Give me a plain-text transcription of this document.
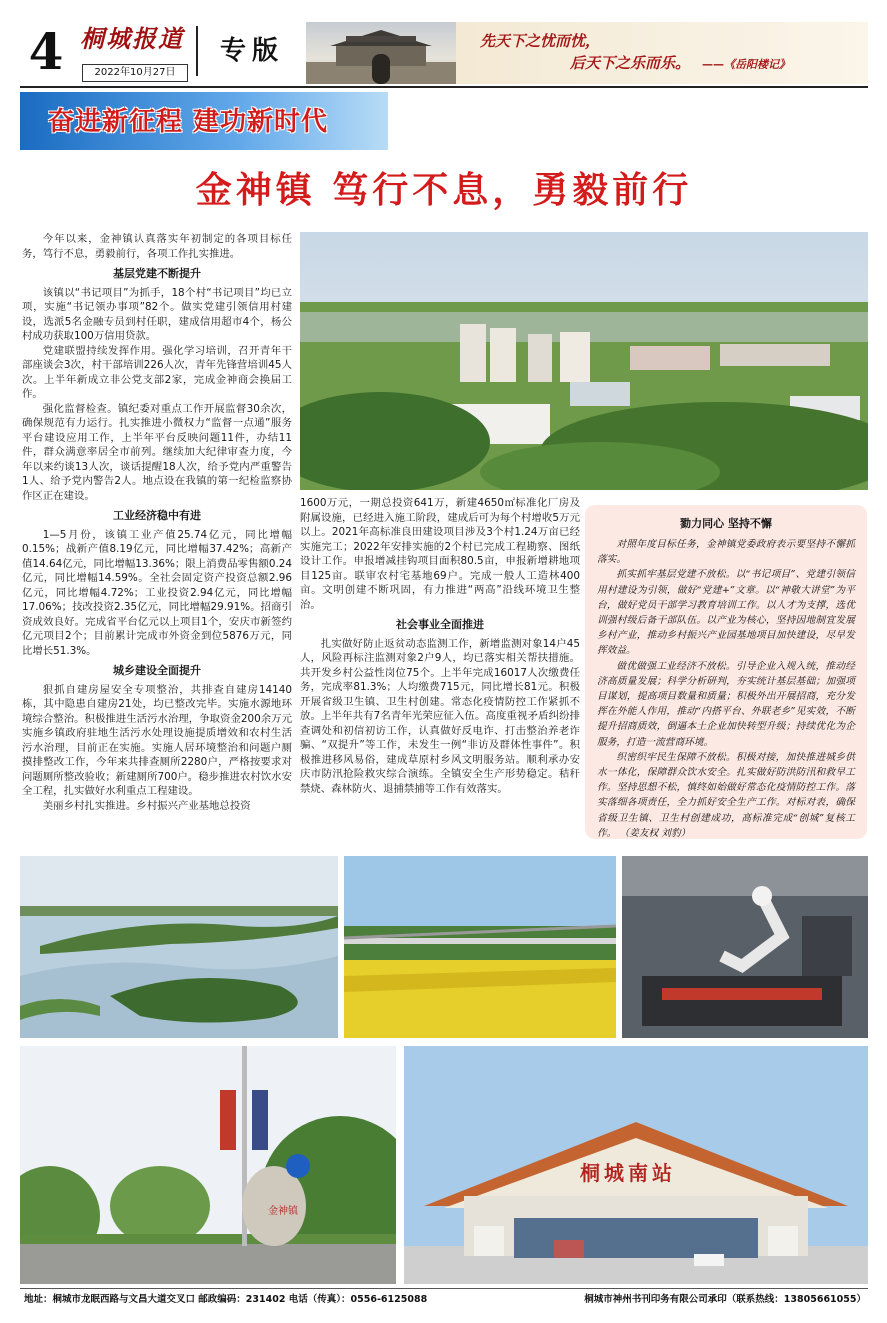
4 桐城报道
2022年10月27日
专版	先天下之忧而忧，
后天下之乐而乐。 ——《岳阳楼记》
奋进新征程 建功新时代
金神镇 笃行不息，勇毅前行

今年以来，金神镇认真落实年初制定的各项目标任务，笃行不息，勇毅前行，各项工作扎实推进。

基层党建不断提升

该镇以“书记项目”为抓手，18个村“书记项目”均已立项，实施“书记领办事项”82个。做实党建引领信用村建设，选派5名金融专员到村任职，建成信用超市4个，杨公村成功获取100万信用贷款。

党建联盟持续发挥作用。强化学习培训，召开青年干部座谈会3次，村干部培训226人次，青年先锋营培训45人次。上半年新成立非公党支部2家，完成金神商会换届工作。

强化监督检查。镇纪委对重点工作开展监督30余次，确保规范有力运行。扎实推进小微权力“监督一点通”服务平台建设应用工作，上半年平台反映问题11件，办结11件，群众满意率居全市前列。继续加大纪律审查力度，今年以来约谈13人次，谈话提醒18人次，给予党内严重警告1人、给予党内警告2人。地点设在我镇的第一纪检监察协作区正在建设。

工业经济稳中有进

1—5月份，该镇工业产值25.74亿元，同比增幅0.15%；战新产值8.19亿元，同比增幅37.42%；高新产值14.64亿元，同比增幅13.36%；限上消费品零售额0.24亿元，同比增幅14.59%。全社会固定资产投资总额2.96亿元，同比增幅4.72%；工业投资2.94亿元，同比增幅17.06%；技改投资2.35亿元，同比增幅29.91%。招商引资成效良好。完成省平台亿元以上项目1个，安庆市新签约亿元项目2个；目前累计完成市外资金到位5876万元，同比增长51.3%。

城乡建设全面提升

狠抓自建房屋安全专项整治，共排查自建房14140栋，其中隐患自建房21处，均已整改完毕。实施水源地环境综合整治。积极推进生活污水治理，争取资金200余万元实施乡镇政府驻地生活污水处理设施提质增效和农村生活污水治理，目前正在实施。实施人居环境整治和问题户厕摸排整改工作，今年来共排查厕所2280户，严格按要求对问题厕所整改验收；新建厕所700户。稳步推进农村饮水安全工程，扎实做好水利重点工程建设。

美丽乡村扎实推进。乡村振兴产业基地总投资

1600万元，一期总投资641万，新建4650㎡标准化厂房及附属设施，已经进入施工阶段，建成后可为每个村增收5万元以上。2021年高标准良田建设项目涉及3个村1.24万亩已经实施完工；2022年安排实施的2个村已完成工程勘察、图纸设计工作。申报增减挂钩项目面积80.5亩，申报新增耕地项目125亩。联审农村宅基地69户。完成一般人工造林400亩。文明创建不断巩固，有力推进“两高”沿线环境卫生整治。

社会事业全面推进

扎实做好防止返贫动态监测工作，新增监测对象14户45人，风险再标注监测对象2户9人，均已落实相关帮扶措施。共开发乡村公益性岗位75个。上半年完成16017人次缴费任务，完成率81.3%；人均缴费715元，同比增长81元。积极开展省级卫生镇、卫生村创建。常态化疫情防控工作紧抓不放。上半年共有7名青年光荣应征入伍。高度重视矛盾纠纷排查调处和初信初访工作，认真做好反电诈、打击整治养老诈骗、“双提升”等工作，未发生一例“非访及群体性事件”。积极推进移风易俗，建成草原村乡风文明服务站。顺利承办安庆市防汛抢险救灾综合演练。全镇安全生产形势稳定。秸秆禁烧、森林防火、退捕禁捕等工作有效落实。

勠力同心 坚持不懈

对照年度目标任务，金神镇党委政府表示要坚持不懈抓落实。

抓实抓牢基层党建不放松。以“书记项目”、党建引领信用村建设为引领，做好“党建+”文章。以“神敬大讲堂”为平台，做好党员干部学习教育培训工作。以人才为支撑，选优训强村级后备干部队伍。以产业为核心，坚持因地制宜发展乡村产业，推动乡村振兴产业园基地项目加快建设，尽早发挥效益。

做优做强工业经济不放松。引导企业入规入统，推动经济高质量发展；科学分析研判，夯实统计基层基础；加强项目谋划，提高项目数量和质量；积极外出开展招商，充分发挥在外能人作用，推动“内搭平台、外联老乡”见实效，不断提升招商质效，倒逼本土企业加快转型升级；持续优化为企服务，打造一流营商环境。

织密织牢民生保障不放松。积极对接，加快推进城乡供水一体化，保障群众饮水安全。扎实做好防洪防汛和救早工作。坚持思想不松，慎终如始做好常态化疫情防控工作。落实落细各项责任，全力抓好安全生产工作。对标对表，确保省级卫生镇、卫生村创建成功，高标准完成“创城”复核工作。 （姜友权 刘豹）

金神镇
桐城南站
地址：桐城市龙眠西路与文昌大道交叉口 邮政编码：231402 电话（传真）：0556-6125088	桐城市神州书刊印务有限公司承印（联系热线：13805661055）
